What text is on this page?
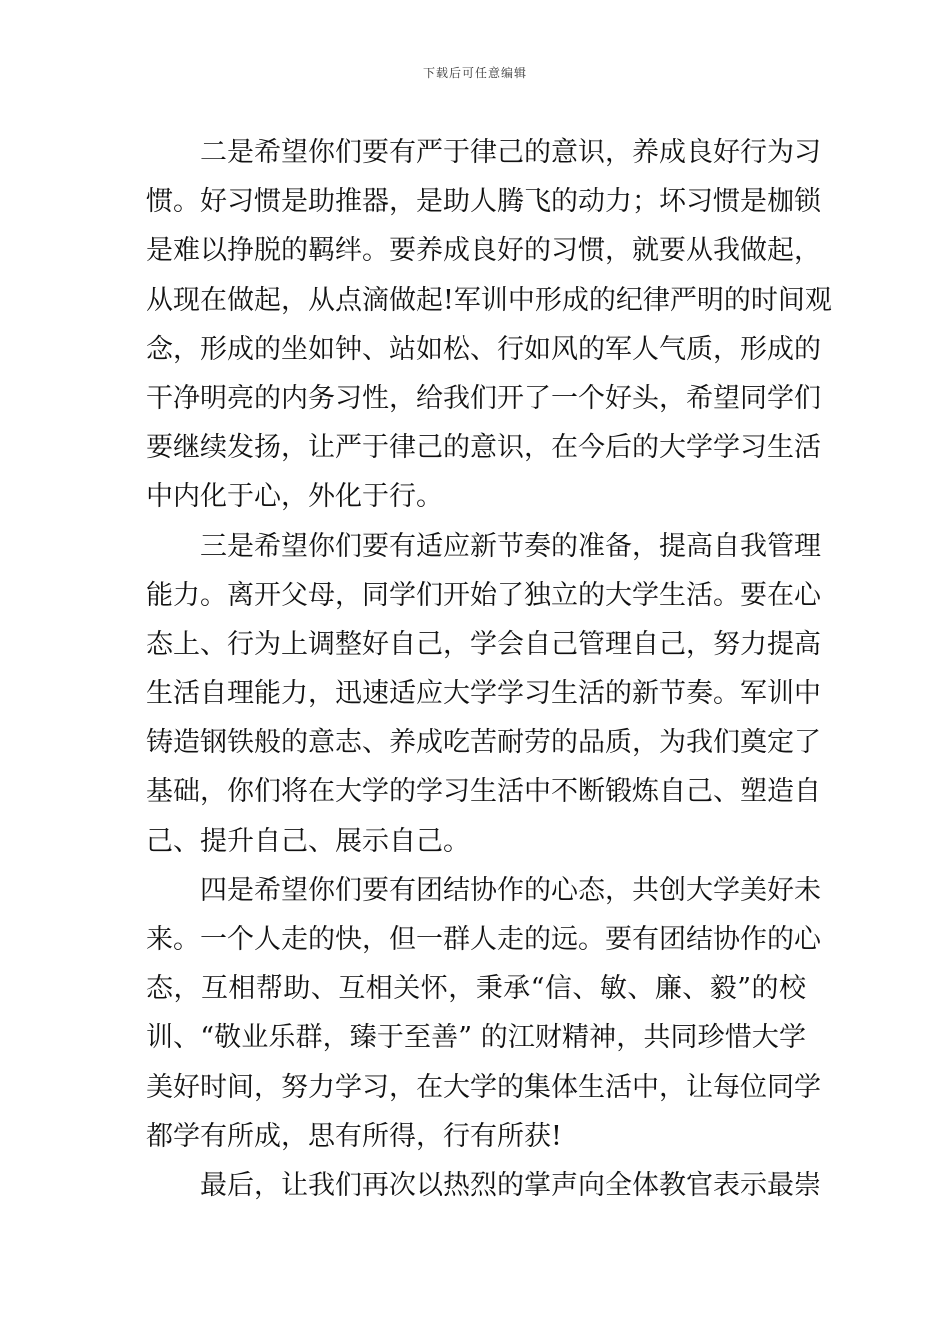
下载后可任意编辑
　　二是希望你们要有严于律己的意识，养成良好行为习
惯。好习惯是助推器，是助人腾飞的动力；坏习惯是枷锁
是难以挣脱的羁绊。要养成良好的习惯，就要从我做起，
从现在做起，从点滴做起!军训中形成的纪律严明的时间观
念，形成的坐如钟、站如松、行如风的军人气质，形成的
干净明亮的内务习性，给我们开了一个好头，希望同学们
要继续发扬，让严于律己的意识，在今后的大学学习生活
中内化于心，外化于行。
　　三是希望你们要有适应新节奏的准备，提高自我管理
能力。离开父母，同学们开始了独立的大学生活。要在心
态上、行为上调整好自己，学会自己管理自己，努力提高
生活自理能力，迅速适应大学学习生活的新节奏。军训中
铸造钢铁般的意志、养成吃苦耐劳的品质，为我们奠定了
基础，你们将在大学的学习生活中不断锻炼自己、塑造自
己、提升自己、展示自己。
　　四是希望你们要有团结协作的心态，共创大学美好未
来。一个人走的快，但一群人走的远。要有团结协作的心
态，互相帮助、互相关怀，秉承“信、敏、廉、毅”的校
训、“敬业乐群，臻于至善” 的江财精神，共同珍惜大学
美好时间，努力学习，在大学的集体生活中，让每位同学
都学有所成，思有所得，行有所获!
　　最后，让我们再次以热烈的掌声向全体教官表示最崇
